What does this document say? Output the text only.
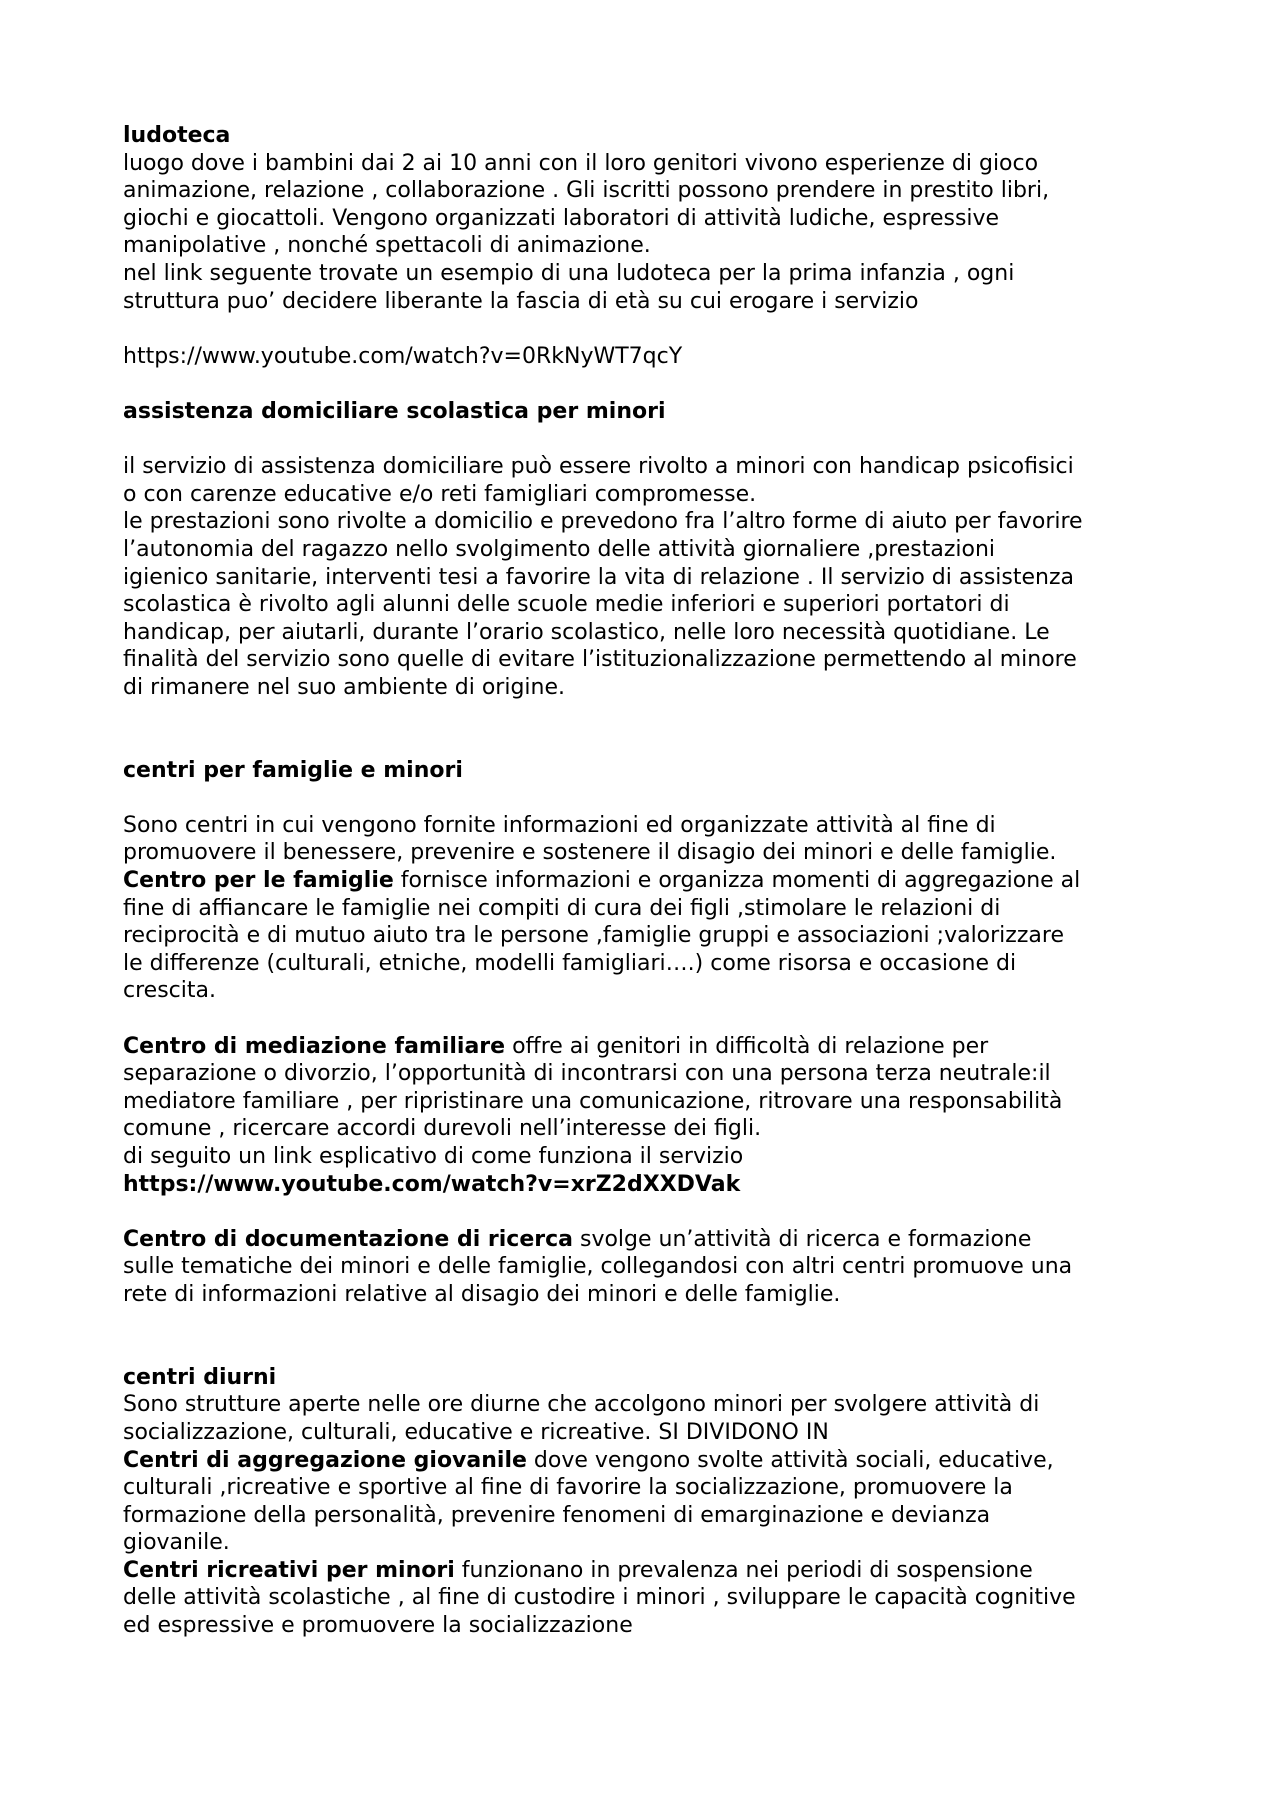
ludoteca

luogo dove i bambini dai 2 ai 10 anni con il loro genitori vivono esperienze di gioco

animazione, relazione , collaborazione . Gli iscritti possono prendere in prestito libri,

giochi e giocattoli. Vengono organizzati laboratori di attività ludiche, espressive

manipolative , nonché spettacoli di animazione.

nel link seguente trovate un esempio di una ludoteca per la prima infanzia , ogni

struttura puo’ decidere liberante la fascia di età su cui erogare i servizio

https://www.youtube.com/watch?v=0RkNyWT7qcY

assistenza domiciliare scolastica per minori

il servizio di assistenza domiciliare può essere rivolto a minori con handicap psicofisici

o con carenze educative e/o reti famigliari compromesse.

le prestazioni sono rivolte a domicilio e prevedono fra l’altro forme di aiuto per favorire

l’autonomia del ragazzo nello svolgimento delle attività giornaliere ,prestazioni

igienico sanitarie, interventi tesi a favorire la vita di relazione . Il servizio di assistenza

scolastica è rivolto agli alunni delle scuole medie inferiori e superiori portatori di

handicap, per aiutarli, durante l’orario scolastico, nelle loro necessità quotidiane. Le

finalità del servizio sono quelle di evitare l’istituzionalizzazione permettendo al minore

di rimanere nel suo ambiente di origine.

centri per famiglie e minori

Sono centri in cui vengono fornite informazioni ed organizzate attività al fine di

promuovere il benessere, prevenire e sostenere il disagio dei minori e delle famiglie.

Centro per le famiglie fornisce informazioni e organizza momenti di aggregazione al

fine di affiancare le famiglie nei compiti di cura dei figli ,stimolare le relazioni di

reciprocità e di mutuo aiuto tra le persone ,famiglie gruppi e associazioni ;valorizzare

le differenze (culturali, etniche, modelli famigliari….) come risorsa e occasione di

crescita.

Centro di mediazione familiare offre ai genitori in difficoltà di relazione per

separazione o divorzio, l’opportunità di incontrarsi con una persona terza neutrale:il

mediatore familiare , per ripristinare una comunicazione, ritrovare una responsabilità

comune , ricercare accordi durevoli nell’interesse dei figli.

di seguito un link esplicativo di come funziona il servizio

https://www.youtube.com/watch?v=xrZ2dXXDVak

Centro di documentazione di ricerca svolge un’attività di ricerca e formazione

sulle tematiche dei minori e delle famiglie, collegandosi con altri centri promuove una

rete di informazioni relative al disagio dei minori e delle famiglie.

centri diurni

Sono strutture aperte nelle ore diurne che accolgono minori per svolgere attività di

socializzazione, culturali, educative e ricreative. SI DIVIDONO IN

Centri di aggregazione giovanile dove vengono svolte attività sociali, educative,

culturali ,ricreative e sportive al fine di favorire la socializzazione, promuovere la

formazione della personalità, prevenire fenomeni di emarginazione e devianza

giovanile.

Centri ricreativi per minori funzionano in prevalenza nei periodi di sospensione

delle attività scolastiche , al fine di custodire i minori , sviluppare le capacità cognitive

ed espressive e promuovere la socializzazione
